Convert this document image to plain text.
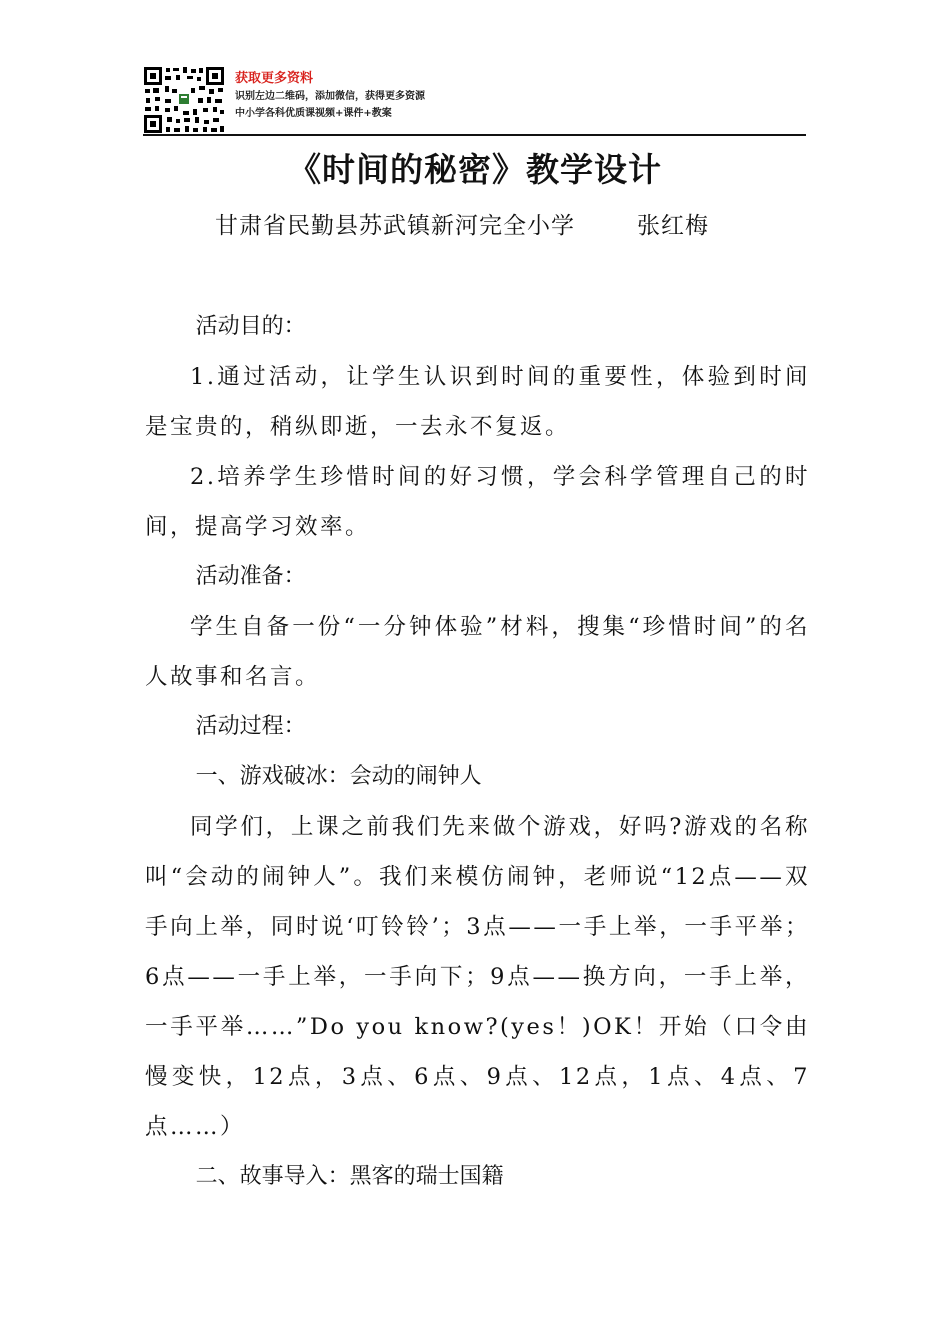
获取更多资料
识别左边二维码，添加微信，获得更多资源
中小学各科优质课视频+课件+教案
《时间的秘密》教学设计
甘肃省民勤县苏武镇新河完全小学	张红梅
活动目的：
1.通过活动，让学生认识到时间的重要性，体验到时间是宝贵的，稍纵即逝，一去永不复返。
2.培养学生珍惜时间的好习惯，学会科学管理自己的时间，提高学习效率。
活动准备：
学生自备一份“一分钟体验”材料，搜集“珍惜时间”的名人故事和名言。
活动过程：
一、游戏破冰：会动的闹钟人
同学们，上课之前我们先来做个游戏，好吗?游戏的名称叫“会动的闹钟人”。我们来模仿闹钟，老师说“12点——双手向上举，同时说‘叮铃铃’；3点——一手上举，一手平举；6点——一手上举，一手向下；9点——换方向，一手上举，一手平举……”Do you know?(yes！)OK！开始（口令由慢变快，12点，3点、6点、9点、12点，1点、4点、7点……）
二、故事导入：黑客的瑞士国籍
